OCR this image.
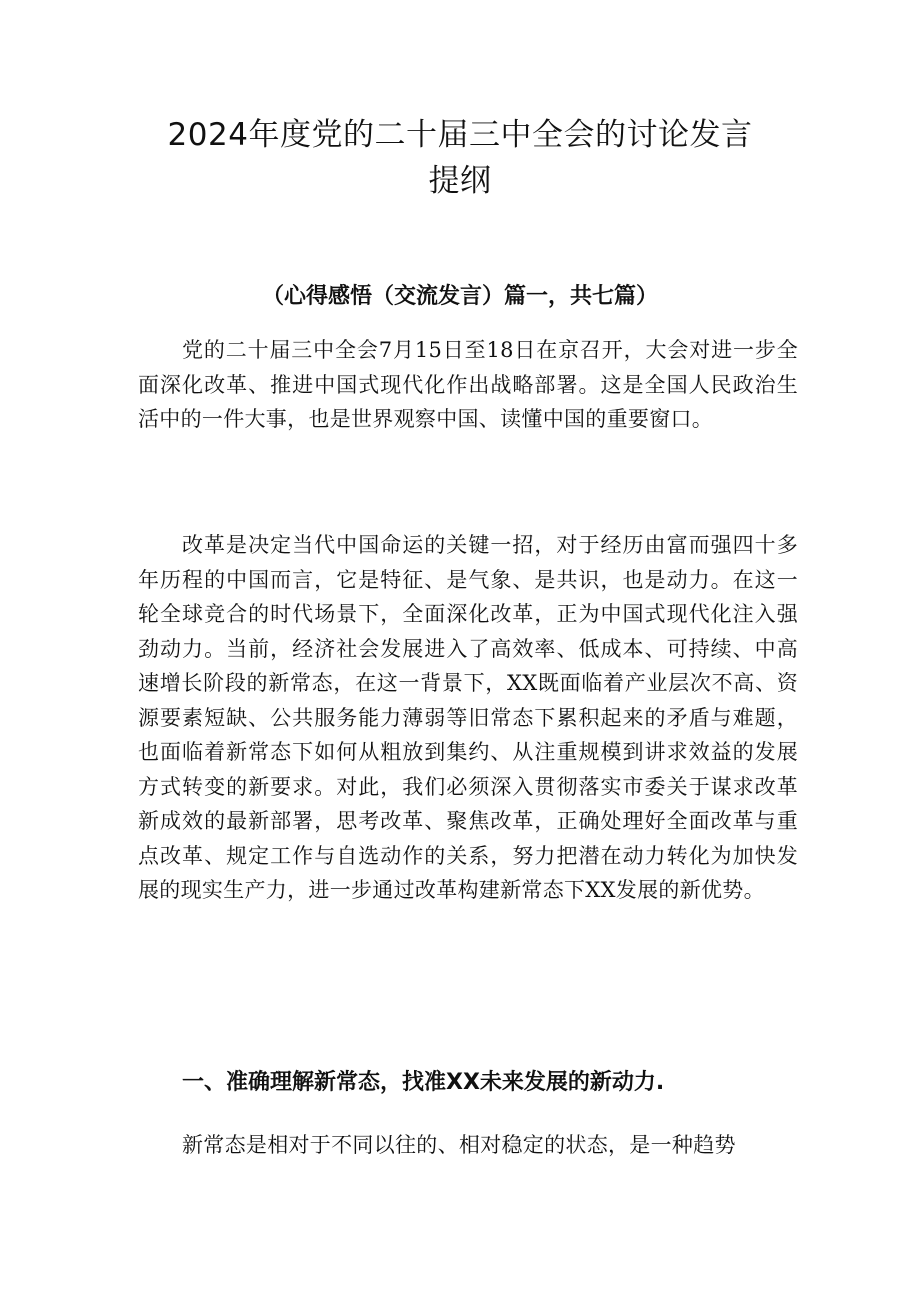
2024年度党的二十届三中全会的讨论发言
提纲
（心得感悟（交流发言）篇一，共七篇）

党的二十届三中全会7月15日至18日在京召开，大会对进一步全面深化改革、推进中国式现代化作出战略部署。这是全国人民政治生活中的一件大事，也是世界观察中国、读懂中国的重要窗口。

改革是决定当代中国命运的关键一招，对于经历由富而强四十多年历程的中国而言，它是特征、是气象、是共识，也是动力。在这一轮全球竞合的时代场景下，全面深化改革，正为中国式现代化注入强劲动力。当前，经济社会发展进入了高效率、低成本、可持续、中高速增长阶段的新常态，在这一背景下，XX既面临着产业层次不高、资源要素短缺、公共服务能力薄弱等旧常态下累积起来的矛盾与难题，也面临着新常态下如何从粗放到集约、从注重规模到讲求效益的发展方式转变的新要求。对此，我们必须深入贯彻落实市委关于谋求改革新成效的最新部署，思考改革、聚焦改革，正确处理好全面改革与重点改革、规定工作与自选动作的关系，努力把潜在动力转化为加快发展的现实生产力，进一步通过改革构建新常态下XX发展的新优势。

一、准确理解新常态，找准XX未来发展的新动力.

新常态是相对于不同以往的、相对稳定的状态，是一种趋势
